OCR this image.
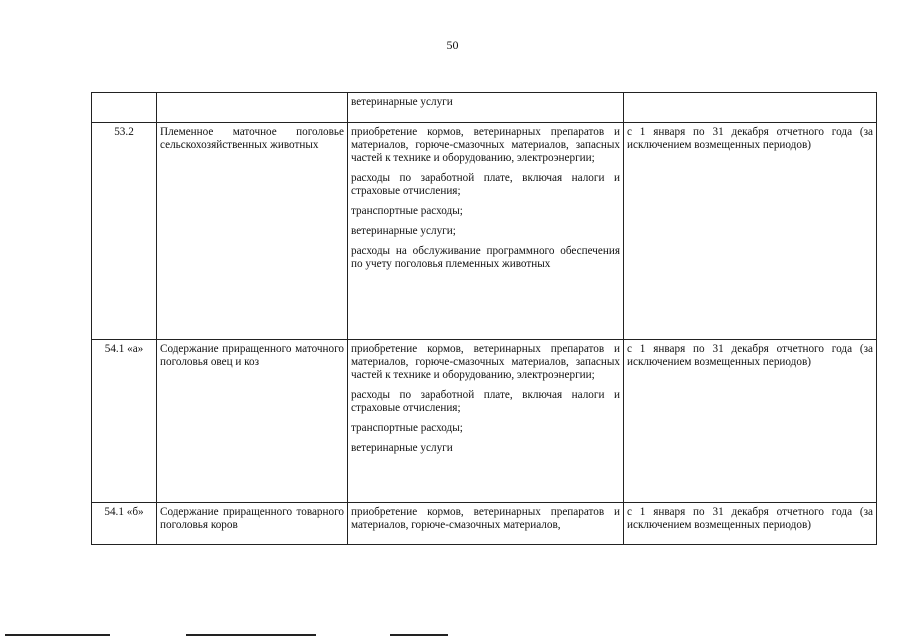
50

		ветеринарные услуги	

53.2	Племенное маточное поголовье сельскохозяйственных животных	приобретение кормов, ветеринарных препаратов и материалов, горюче-смазочных материалов, запасных частей к технике и оборудованию, электроэнергии;
расходы по заработной плате, включая налоги и страховые отчисления;
транспортные расходы;
ветеринарные услуги;
расходы на обслуживание программного обеспечения по учету поголовья племенных животных	с 1 января по 31 декабря отчетного года (за исключением возмещенных периодов)
54.1 «а»	Содержание приращенного маточного поголовья овец и коз	приобретение кормов, ветеринарных препаратов и материалов, горюче-смазочных материалов, запасных частей к технике и оборудованию, электроэнергии;
расходы по заработной плате, включая налоги и страховые отчисления;
транспортные расходы;
ветеринарные услуги	с 1 января по 31 декабря отчетного года (за исключением возмещенных периодов)
54.1 «б»	Содержание приращенного товарного поголовья коров	приобретение кормов, ветеринарных препаратов и материалов, горюче-смазочных материалов,	с 1 января по 31 декабря отчетного года (за исключением возмещенных периодов)
